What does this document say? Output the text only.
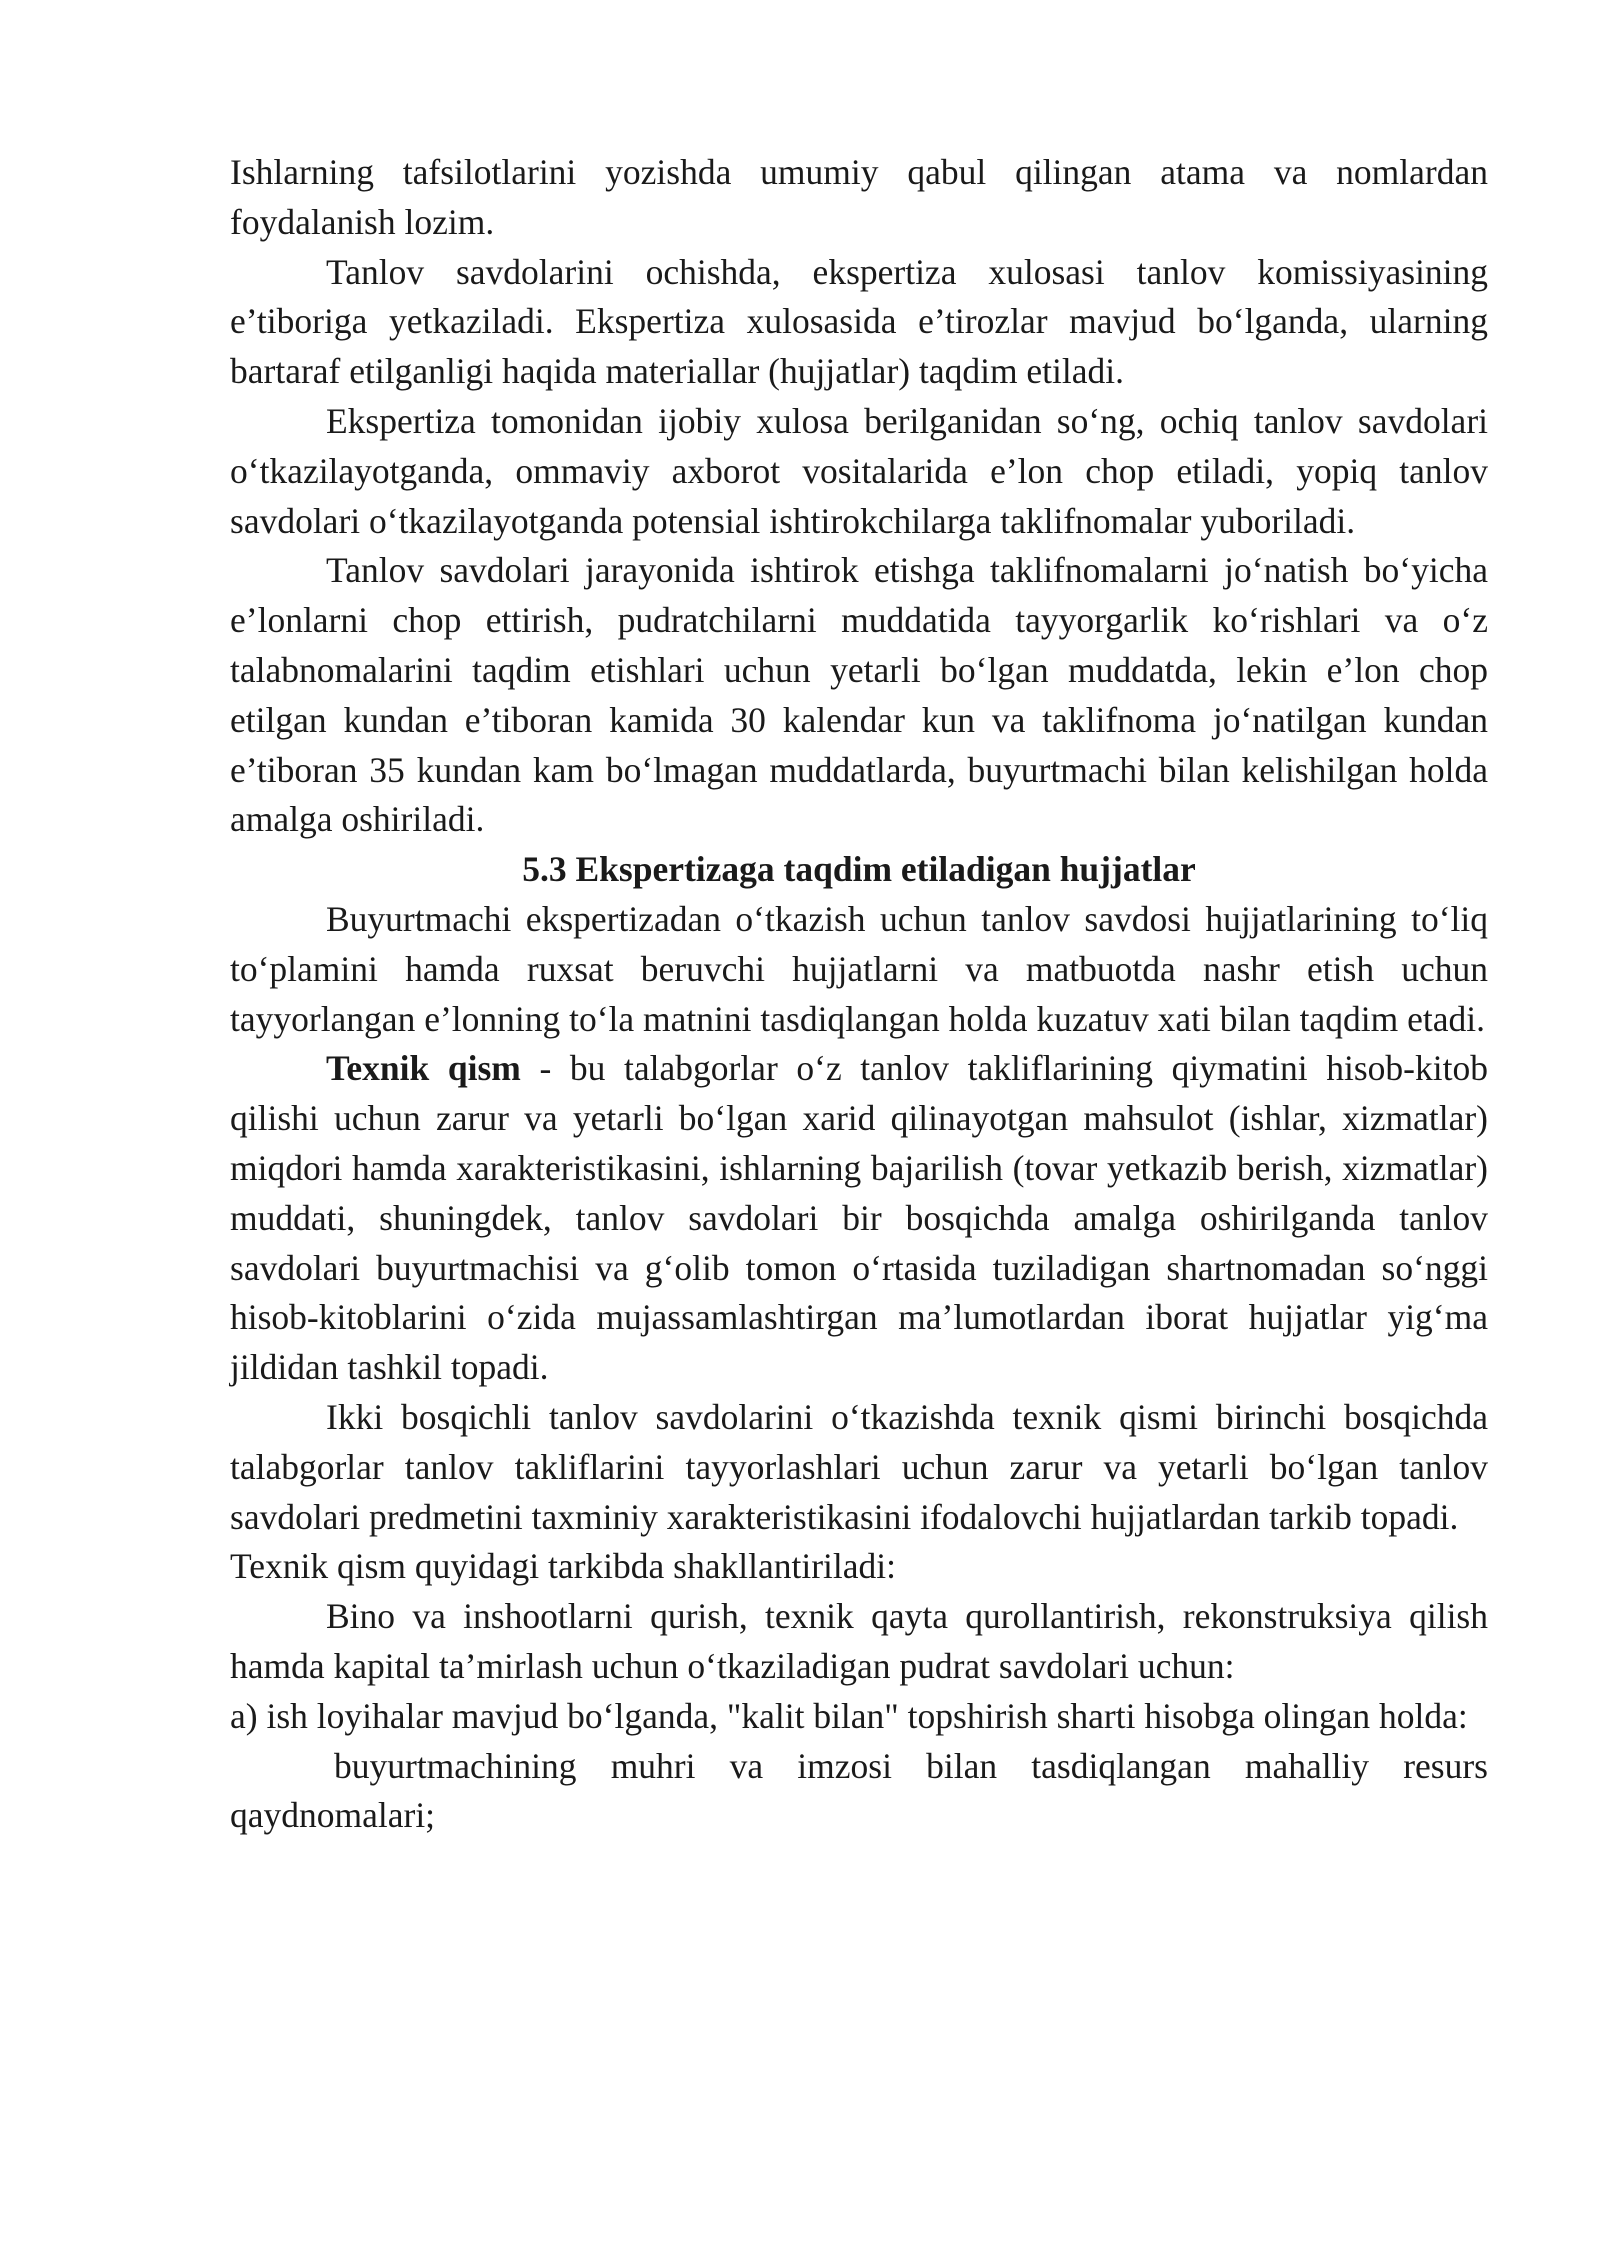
Ishlarning tafsilotlarini yozishda umumiy qabul qilingan atama va nomlardan foydalanish lozim.

Tanlov savdolarini ochishda, ekspertiza xulosasi tanlov komissiyasining e’tiboriga yetkaziladi. Ekspertiza xulosasida e’tirozlar mavjud bo‘lganda, ularning bartaraf etilganligi haqida materiallar (hujjatlar) taqdim etiladi.

Ekspertiza tomonidan ijobiy xulosa berilganidan so‘ng, ochiq tanlov savdolari o‘tkazilayotganda, ommaviy axborot vositalarida e’lon chop etiladi, yopiq tanlov savdolari o‘tkazilayotganda potensial ishtirokchilarga taklifnomalar yuboriladi.

Tanlov savdolari jarayonida ishtirok etishga taklifnomalarni jo‘natish bo‘yicha e’lonlarni chop ettirish, pudratchilarni muddatida tayyorgarlik ko‘rishlari va o‘z talabnomalarini taqdim etishlari uchun yetarli bo‘lgan muddatda, lekin e’lon chop etilgan kundan e’tiboran kamida 30 kalendar kun va taklifnoma jo‘natilgan kundan e’tiboran 35 kundan kam bo‘lmagan muddatlarda, buyurtmachi bilan kelishilgan holda amalga oshiriladi.

5.3 Ekspertizaga taqdim etiladigan hujjatlar

Buyurtmachi ekspertizadan o‘tkazish uchun tanlov savdosi hujjatlarining to‘liq to‘plamini hamda ruxsat beruvchi hujjatlarni va matbuotda nashr etish uchun tayyorlangan e’lonning to‘la matnini tasdiqlangan holda kuzatuv xati bilan taqdim etadi.

Texnik qism - bu talabgorlar o‘z tanlov takliflarining qiymatini hisob-kitob qilishi uchun zarur va yetarli bo‘lgan xarid qilinayotgan mahsulot (ishlar, xizmatlar) miqdori hamda xarakteristikasini, ishlarning bajarilish (tovar yetkazib berish, xizmatlar) muddati, shuningdek, tanlov savdolari bir bosqichda amalga oshirilganda tanlov savdolari buyurtmachisi va g‘olib tomon o‘rtasida tuziladigan shartnomadan so‘nggi hisob-kitoblarini o‘zida mujassamlashtirgan ma’lumotlardan iborat hujjatlar yig‘ma jildidan tashkil topadi.

Ikki bosqichli tanlov savdolarini o‘tkazishda texnik qismi birinchi bosqichda talabgorlar tanlov takliflarini tayyorlashlari uchun zarur va yetarli bo‘lgan tanlov savdolari predmetini taxminiy xarakteristikasini ifodalovchi hujjatlardan tarkib topadi.

Texnik qism quyidagi tarkibda shakllantiriladi:

Bino va inshootlarni qurish, texnik qayta qurollantirish, rekonstruksiya qilish hamda kapital ta’mirlash uchun o‘tkaziladigan pudrat savdolari uchun:

a) ish loyihalar mavjud bo‘lganda, "kalit bilan" topshirish sharti hisobga olingan holda:

buyurtmachining muhri va imzosi bilan tasdiqlangan mahalliy resurs qaydnomalari;
